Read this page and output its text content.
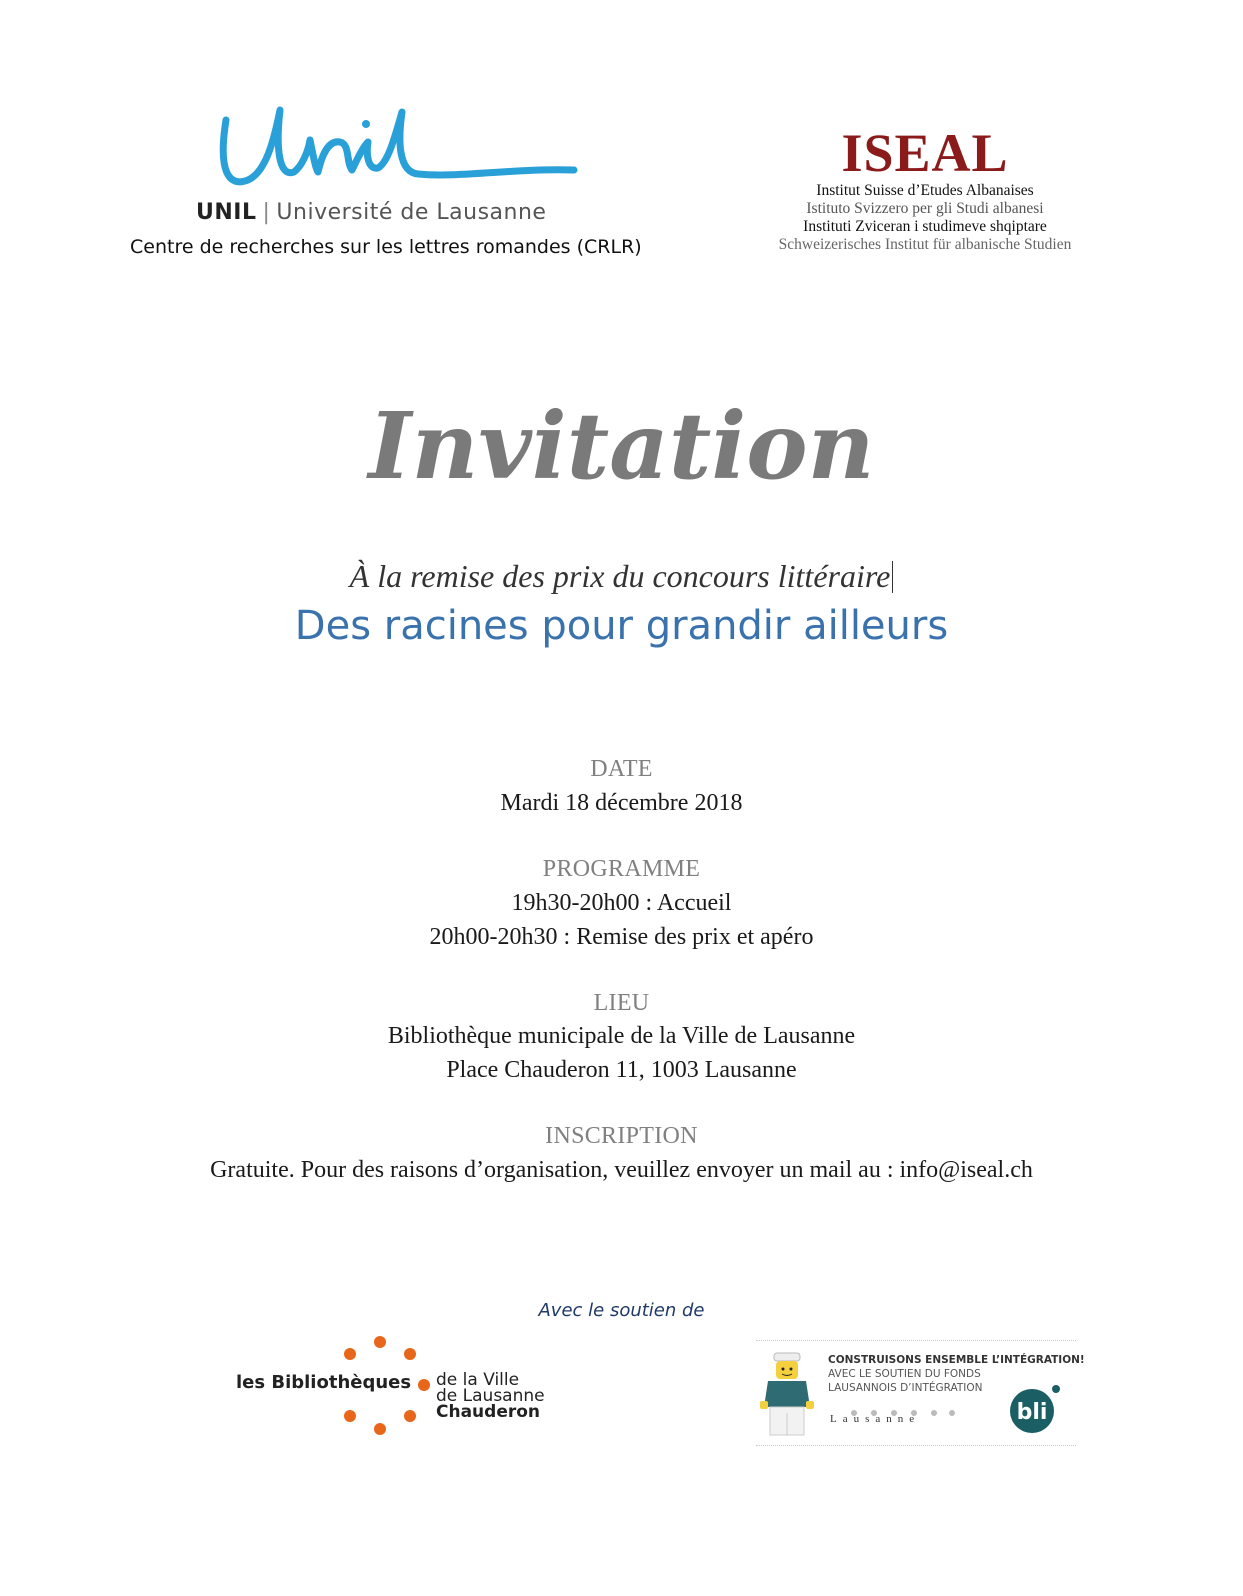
UNIL | Université de Lausanne
Centre de recherches sur les lettres romandes (CRLR)
ISEAL
Institut Suisse d’Etudes Albanaises
Istituto Svizzero per gli Studi albanesi
Instituti Zviceran i studimeve shqiptare
Schweizerisches Institut für albanische Studien
Invitation
À la remise des prix du concours littéraire
Des racines pour grandir ailleurs
DATE
Mardi 18 décembre 2018
PROGRAMME
19h30-20h00 : Accueil
20h00-20h30 : Remise des prix et apéro
LIEU
Bibliothèque municipale de la Ville de Lausanne
Place Chauderon 11, 1003 Lausanne
INSCRIPTION
Gratuite. Pour des raisons d’organisation, veuillez envoyer un mail au : info@iseal.ch
Avec le soutien de
les Bibliothèques de la Ville
de Lausanne
Chauderon
CONSTRUISONS ENSEMBLE L’INTÉGRATION!
AVEC LE SOUTIEN DU FONDS
LAUSANNOIS D’INTÉGRATION
Lausanne	bli
